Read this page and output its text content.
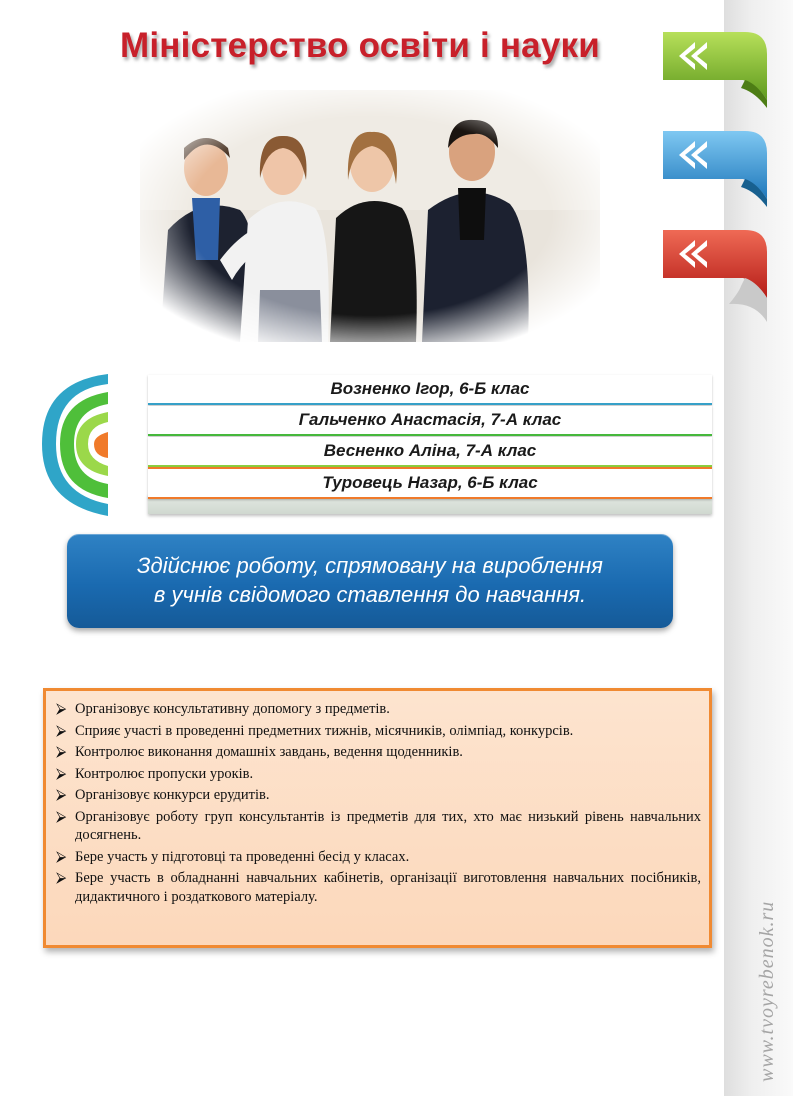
Міністерство освіти і науки
Возненко Ігор, 6-Б клас
Гальченко Анастасія, 7-А клас
Весненко Аліна, 7-А клас
Туровець Назар, 6-Б клас
Здійснює роботу, спрямовану на вироблення
в учнів свідомого ставлення до навчання.
⮚ Організовує консультативну допомогу з предметів.
⮚ Сприяє участі в проведенні предметних тижнів, місячників, олімпіад, конкурсів.
⮚ Контролює виконання домашніх завдань, ведення щоденників.
⮚ Контролює пропуски уроків.
⮚ Організовує конкурси ерудитів.
⮚ Організовує роботу груп консультантів із предметів для тих, хто має низький рівень навчальних досягнень.
⮚ Бере участь у підготовці та проведенні бесід у класах.
⮚ Бере участь в обладнанні навчальних кабінетів, організації виготовлення навчальних посібників, дидактичного і роздаткового матеріалу.
www.tvoyrebenok.ru
